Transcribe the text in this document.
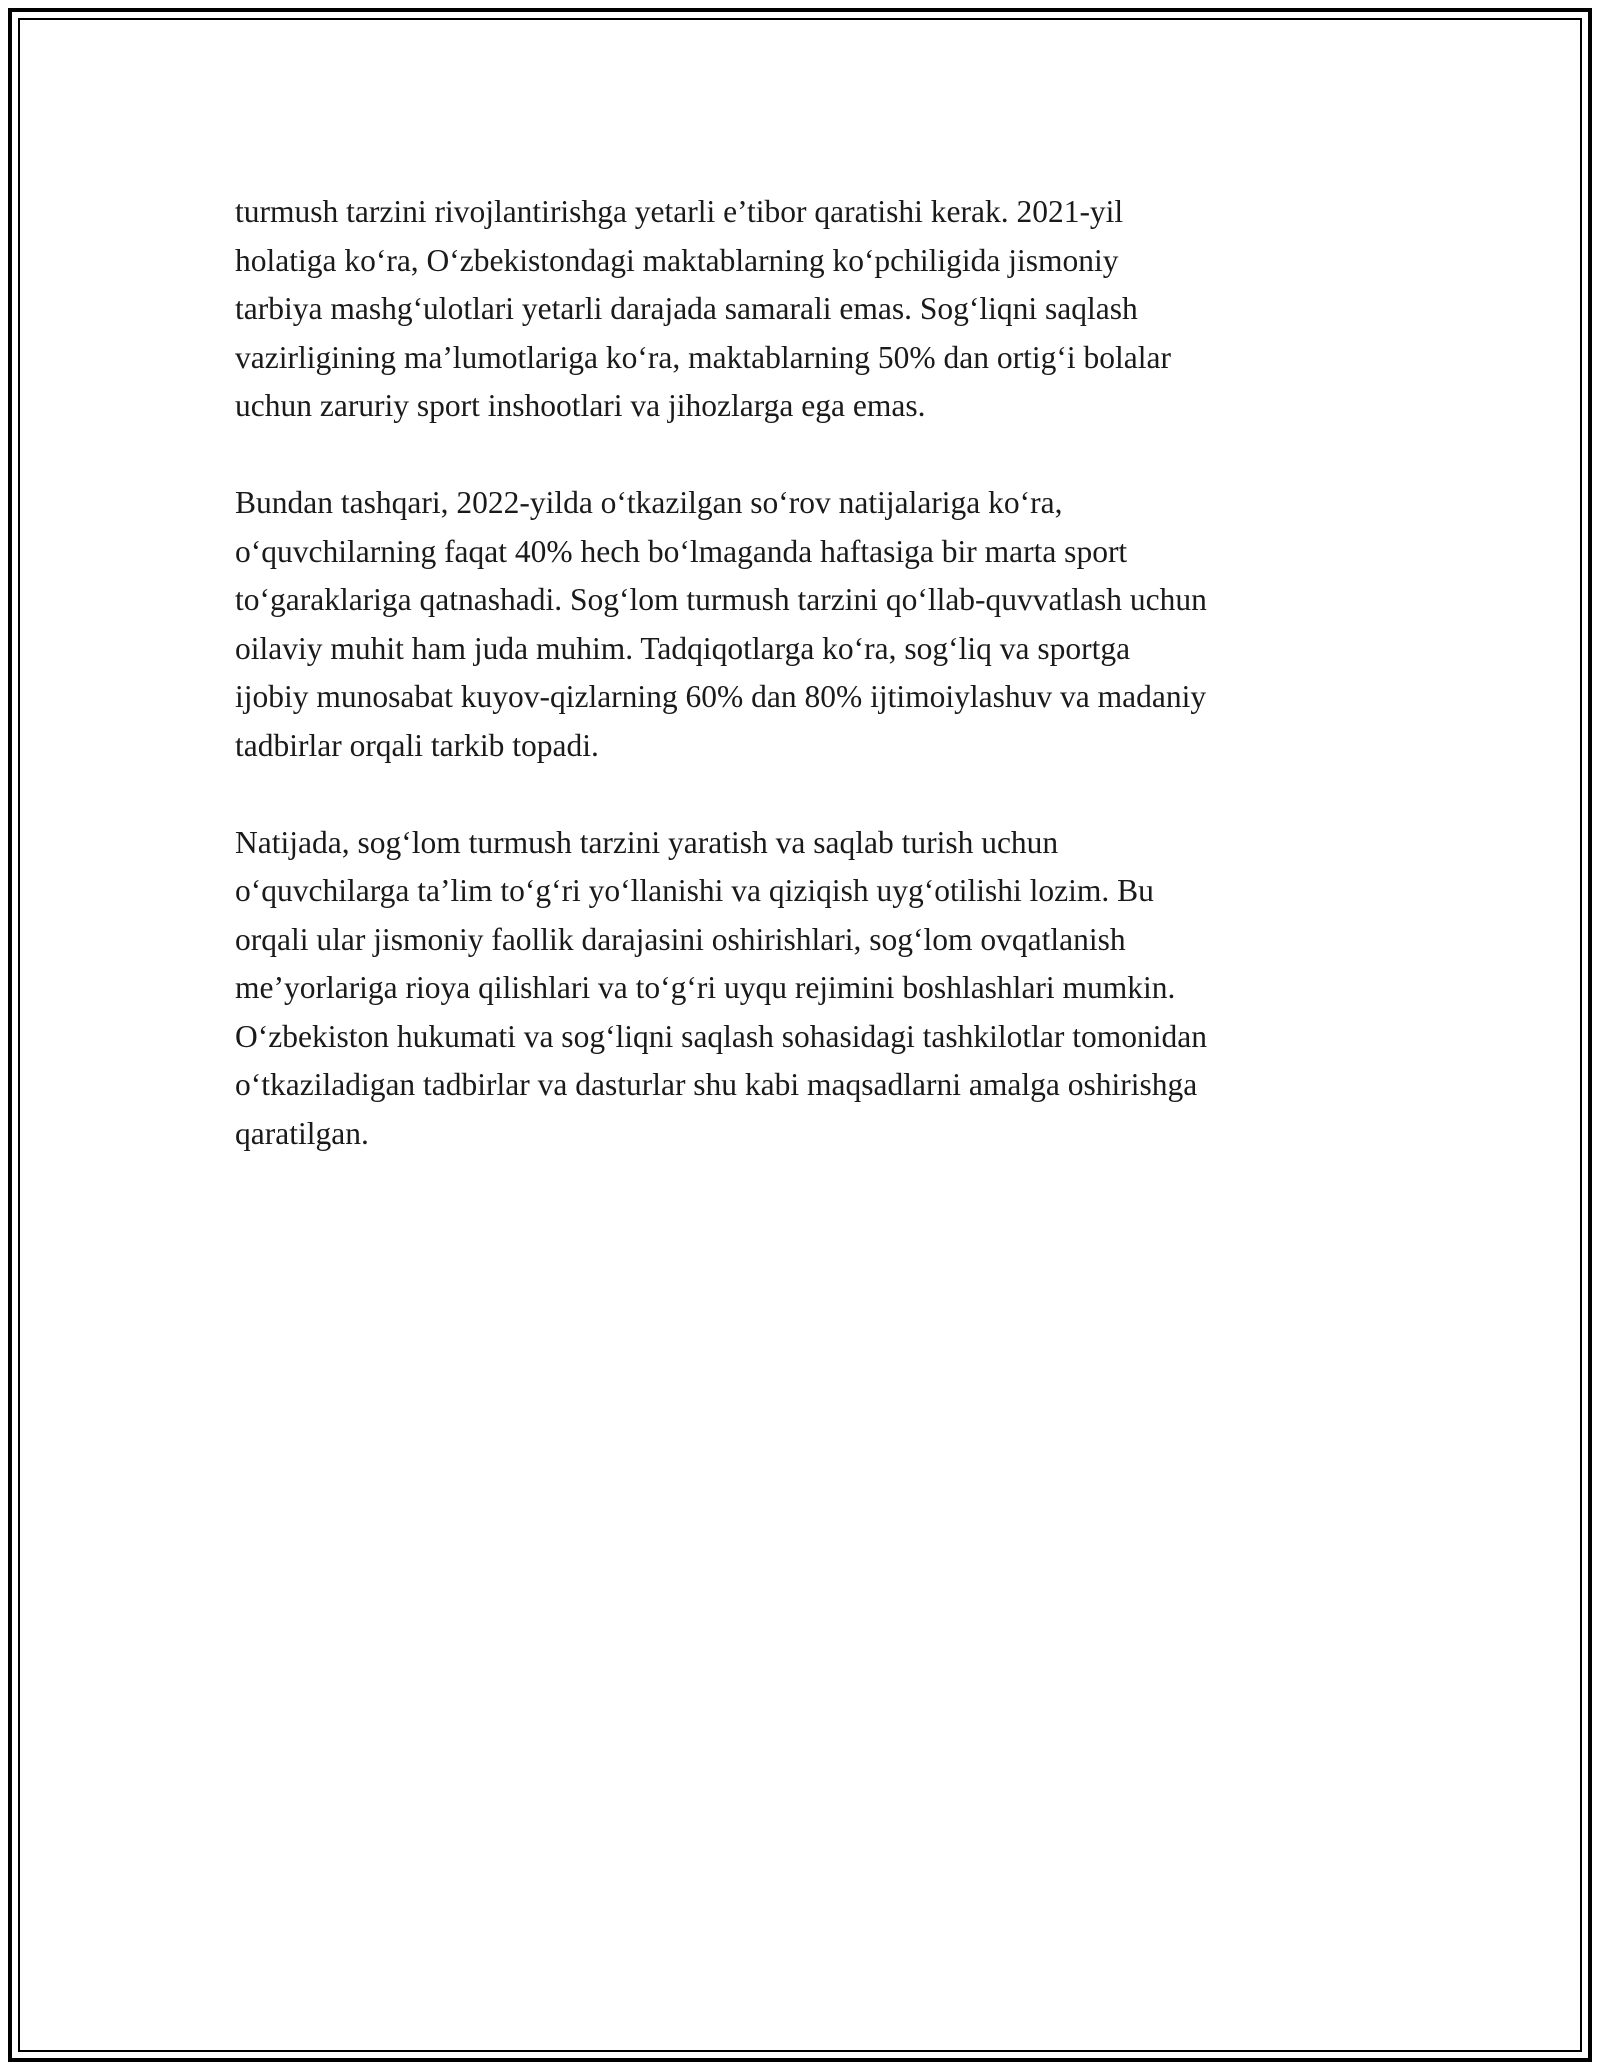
turmush tarzini rivojlantirishga yetarli e’tibor qaratishi kerak. 2021-yil
holatiga ko‘ra, O‘zbekistondagi maktablarning ko‘pchiligida jismoniy
tarbiya mashg‘ulotlari yetarli darajada samarali emas. Sog‘liqni saqlash
vazirligining ma’lumotlariga ko‘ra, maktablarning 50% dan ortig‘i bolalar
uchun zaruriy sport inshootlari va jihozlarga ega emas.

Bundan tashqari, 2022-yilda o‘tkazilgan so‘rov natijalariga ko‘ra,
o‘quvchilarning faqat 40% hech bo‘lmaganda haftasiga bir marta sport
to‘garaklariga qatnashadi. Sog‘lom turmush tarzini qo‘llab-quvvatlash uchun
oilaviy muhit ham juda muhim. Tadqiqotlarga ko‘ra, sog‘liq va sportga
ijobiy munosabat kuyov-qizlarning 60% dan 80% ijtimoiylashuv va madaniy
tadbirlar orqali tarkib topadi.

Natijada, sog‘lom turmush tarzini yaratish va saqlab turish uchun
o‘quvchilarga ta’lim to‘g‘ri yo‘llanishi va qiziqish uyg‘otilishi lozim. Bu
orqali ular jismoniy faollik darajasini oshirishlari, sog‘lom ovqatlanish
me’yorlariga rioya qilishlari va to‘g‘ri uyqu rejimini boshlashlari mumkin.
O‘zbekiston hukumati va sog‘liqni saqlash sohasidagi tashkilotlar tomonidan
o‘tkaziladigan tadbirlar va dasturlar shu kabi maqsadlarni amalga oshirishga
qaratilgan.
